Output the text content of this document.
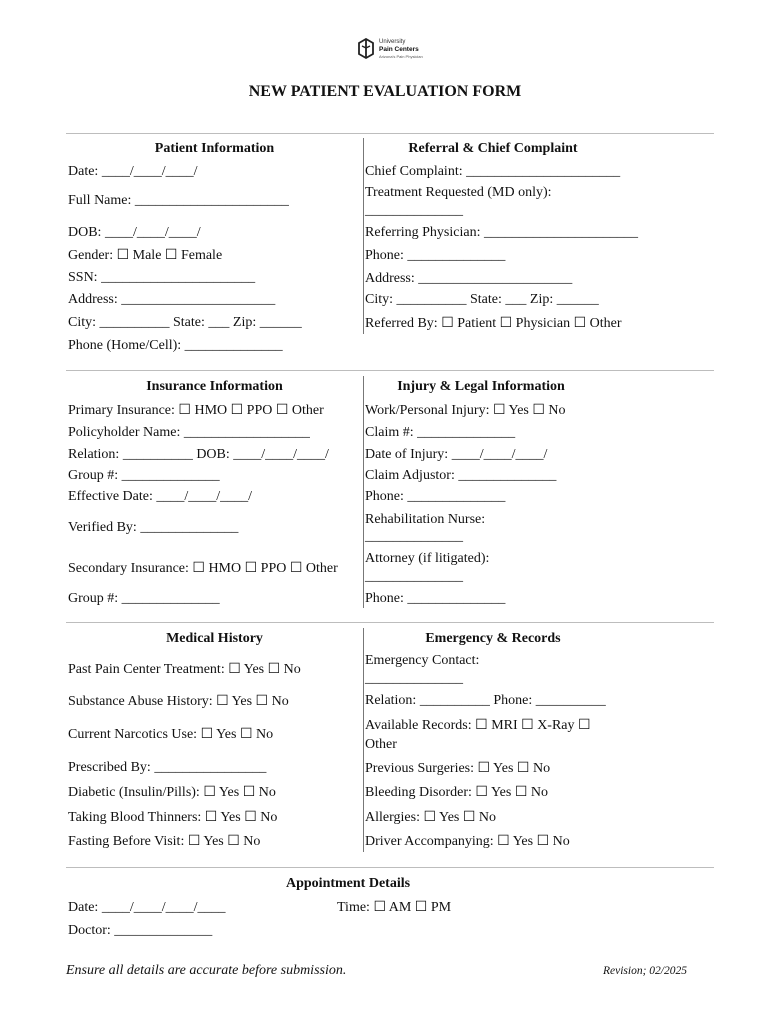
University
Pain Centers
Arizona's Pain Physician
NEW PATIENT EVALUATION FORM
Patient Information
Date: ____/____/____/
Full Name: ______________________
DOB: ____/____/____/
Gender: ☐ Male ☐ Female
SSN: ______________________
Address: ______________________
City: __________ State: ___ Zip: ______
Phone (Home/Cell): ______________
Referral & Chief Complaint
Chief Complaint: ______________________
Treatment Requested (MD only):
______________
Referring Physician: ______________________
Phone: ______________
Address: ______________________
City: __________ State: ___ Zip: ______
Referred By: ☐ Patient ☐ Physician ☐ Other
Insurance Information
Primary Insurance: ☐ HMO ☐ PPO ☐ Other
Policyholder Name: __________________
Relation: __________ DOB: ____/____/____/
Group #: ______________
Effective Date: ____/____/____/
Verified By: ______________
Secondary Insurance: ☐ HMO ☐ PPO ☐ Other
Group #: ______________
Injury & Legal Information
Work/Personal Injury: ☐ Yes ☐ No
Claim #: ______________
Date of Injury: ____/____/____/
Claim Adjustor: ______________
Phone: ______________
Rehabilitation Nurse:
______________
Attorney (if litigated):
______________
Phone: ______________
Medical History
Past Pain Center Treatment: ☐ Yes ☐ No
Substance Abuse History: ☐ Yes ☐ No
Current Narcotics Use: ☐ Yes ☐ No
Prescribed By: ________________
Diabetic (Insulin/Pills): ☐ Yes ☐ No
Taking Blood Thinners: ☐ Yes ☐ No
Fasting Before Visit: ☐ Yes ☐ No
Emergency & Records
Emergency Contact:
______________
Relation: __________ Phone: __________
Available Records: ☐ MRI ☐ X-Ray ☐
Other
Previous Surgeries: ☐ Yes ☐ No
Bleeding Disorder: ☐ Yes ☐ No
Allergies: ☐ Yes ☐ No
Driver Accompanying: ☐ Yes ☐ No
Appointment Details
Date: ____/____/____/____	Time: ☐ AM ☐ PM
Doctor: ______________
Ensure all details are accurate before submission.	Revision; 02/2025
